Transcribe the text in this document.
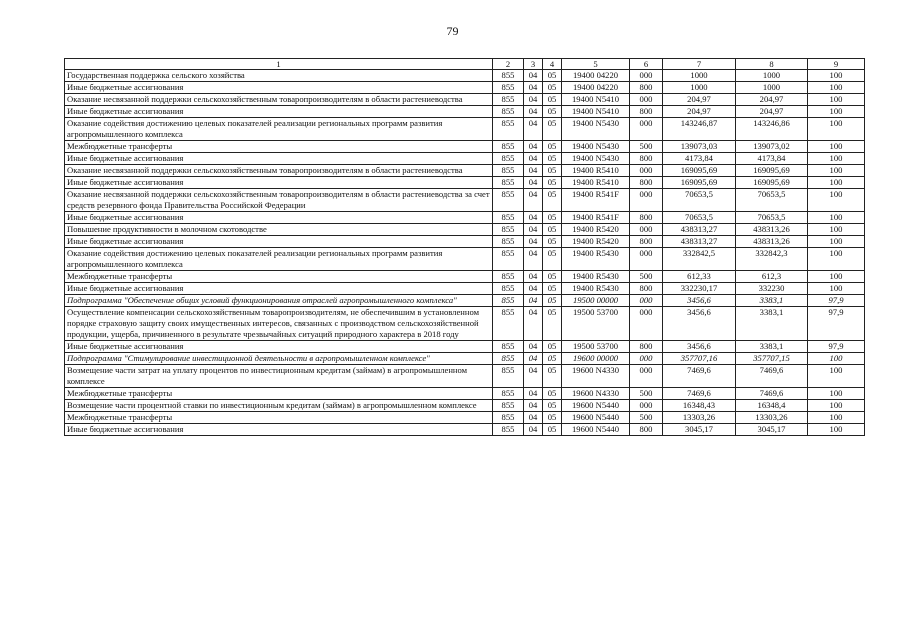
79
1	2	3	4	5	6	7	8	9
Государственная поддержка сельского хозяйства	855	04	05	19400 04220	000	1000	1000	100
Иные бюджетные ассигнования	855	04	05	19400 04220	800	1000	1000	100
Оказание несвязанной поддержки сельскохозяйственным товаропроизводителям в области растениеводства	855	04	05	19400 N5410	000	204,97	204,97	100
Иные бюджетные ассигнования	855	04	05	19400 N5410	800	204,97	204,97	100
Оказание содействия достижению целевых показателей реализации региональных программ развития агропромышленного комплекса	855	04	05	19400 N5430	000	143246,87	143246,86	100
Межбюджетные трансферты	855	04	05	19400 N5430	500	139073,03	139073,02	100
Иные бюджетные ассигнования	855	04	05	19400 N5430	800	4173,84	4173,84	100
Оказание несвязанной поддержки сельскохозяйственным товаропроизводителям в области растениеводства	855	04	05	19400 R5410	000	169095,69	169095,69	100
Иные бюджетные ассигнования	855	04	05	19400 R5410	800	169095,69	169095,69	100
Оказание несвязанной поддержки сельскохозяйственным товаропроизводителям в области растениеводства за счет средств резервного фонда Правительства Российской Федерации	855	04	05	19400 R541F	000	70653,5	70653,5	100
Иные бюджетные ассигнования	855	04	05	19400 R541F	800	70653,5	70653,5	100
Повышение продуктивности в молочном скотоводстве	855	04	05	19400 R5420	000	438313,27	438313,26	100
Иные бюджетные ассигнования	855	04	05	19400 R5420	800	438313,27	438313,26	100
Оказание содействия достижению целевых показателей реализации региональных программ развития агропромышленного комплекса	855	04	05	19400 R5430	000	332842,5	332842,3	100
Межбюджетные трансферты	855	04	05	19400 R5430	500	612,33	612,3	100
Иные бюджетные ассигнования	855	04	05	19400 R5430	800	332230,17	332230	100
Подпрограмма "Обеспечение общих условий функционирования отраслей агропромышленного комплекса"	855	04	05	19500 00000	000	3456,6	3383,1	97,9
Осуществление компенсации сельскохозяйственным товаропроизводителям, не обеспечившим в установленном порядке страховую защиту своих имущественных интересов, связанных с производством сельскохозяйственной продукции, ущерба, причиненного в результате чрезвычайных ситуаций природного характера в 2018 году	855	04	05	19500 53700	000	3456,6	3383,1	97,9
Иные бюджетные ассигнования	855	04	05	19500 53700	800	3456,6	3383,1	97,9
Подпрограмма "Стимулирование инвестиционной деятельности в агропромышленном комплексе"	855	04	05	19600 00000	000	357707,16	357707,15	100
Возмещение части затрат на уплату процентов по инвестиционным кредитам (займам) в агропромышленном комплексе	855	04	05	19600 N4330	000	7469,6	7469,6	100
Межбюджетные трансферты	855	04	05	19600 N4330	500	7469,6	7469,6	100
Возмещение части процентной ставки по инвестиционным кредитам (займам) в агропромышленном комплексе	855	04	05	19600 N5440	000	16348,43	16348,4	100
Межбюджетные трансферты	855	04	05	19600 N5440	500	13303,26	13303,26	100
Иные бюджетные ассигнования	855	04	05	19600 N5440	800	3045,17	3045,17	100
